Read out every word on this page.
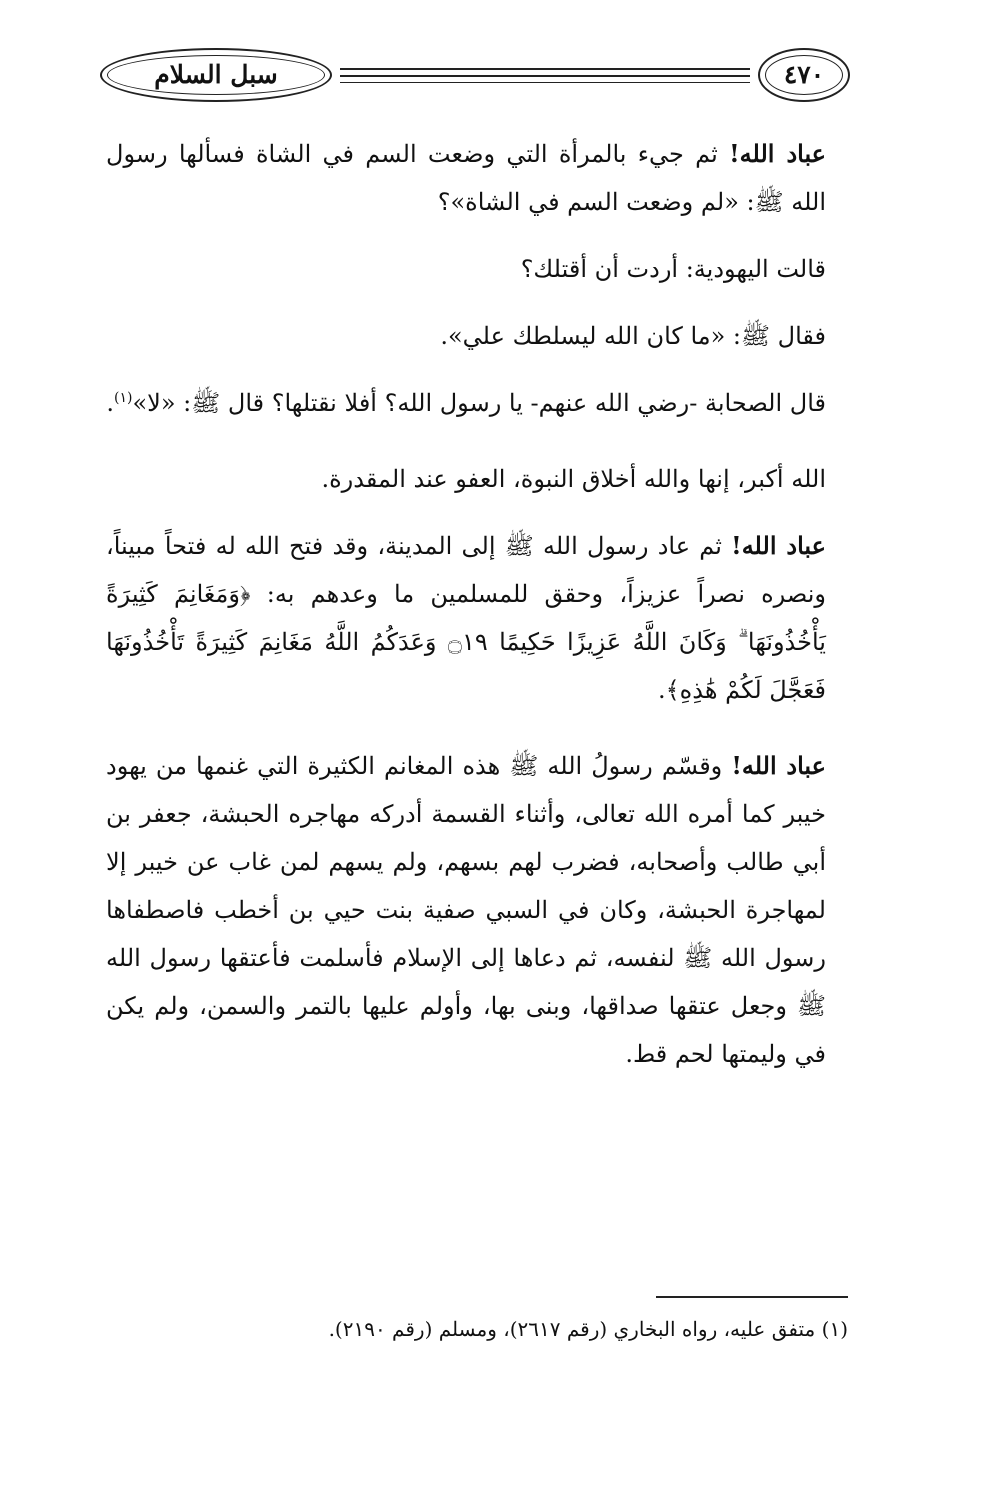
سبل السلام	٤٧٠

عباد الله! ثم جيء بالمرأة التي وضعت السم في الشاة فسألها رسول الله ﷺ: «لم وضعت السم في الشاة»؟

قالت اليهودية: أردت أن أقتلك؟

فقال ﷺ: «ما كان الله ليسلطك علي».

قال الصحابة -رضي الله عنهم- يا رسول الله؟ أفلا نقتلها؟ قال ﷺ: «لا»$^{(١)}$.

الله أكبر، إنها والله أخلاق النبوة، العفو عند المقدرة.

عباد الله! ثم عاد رسول الله ﷺ إلى المدينة، وقد فتح الله له فتحاً مبيناً، ونصره نصراً عزيزاً، وحقق للمسلمين ما وعدهم به: ﴿وَمَغَانِمَ كَثِيرَةً يَأْخُذُونَهَا ۗ وَكَانَ اللَّهُ عَزِيزًا حَكِيمًا ۝١٩ وَعَدَكُمُ اللَّهُ مَغَانِمَ كَثِيرَةً تَأْخُذُونَهَا فَعَجَّلَ لَكُمْ هَٰذِهِ﴾.

عباد الله! وقسّم رسولُ الله ﷺ هذه المغانم الكثيرة التي غنمها من يهود خيبر كما أمره الله تعالى، وأثناء القسمة أدركه مهاجره الحبشة، جعفر بن أبي طالب وأصحابه، فضرب لهم بسهم، ولم يسهم لمن غاب عن خيبر إلا لمهاجرة الحبشة، وكان في السبي صفية بنت حيي بن أخطب فاصطفاها رسول الله ﷺ لنفسه، ثم دعاها إلى الإسلام فأسلمت فأعتقها رسول الله ﷺ وجعل عتقها صداقها، وبنى بها، وأولم عليها بالتمر والسمن، ولم يكن في وليمتها لحم قط.

(١) متفق عليه، رواه البخاري (رقم ٢٦١٧)، ومسلم (رقم ٢١٩٠).
